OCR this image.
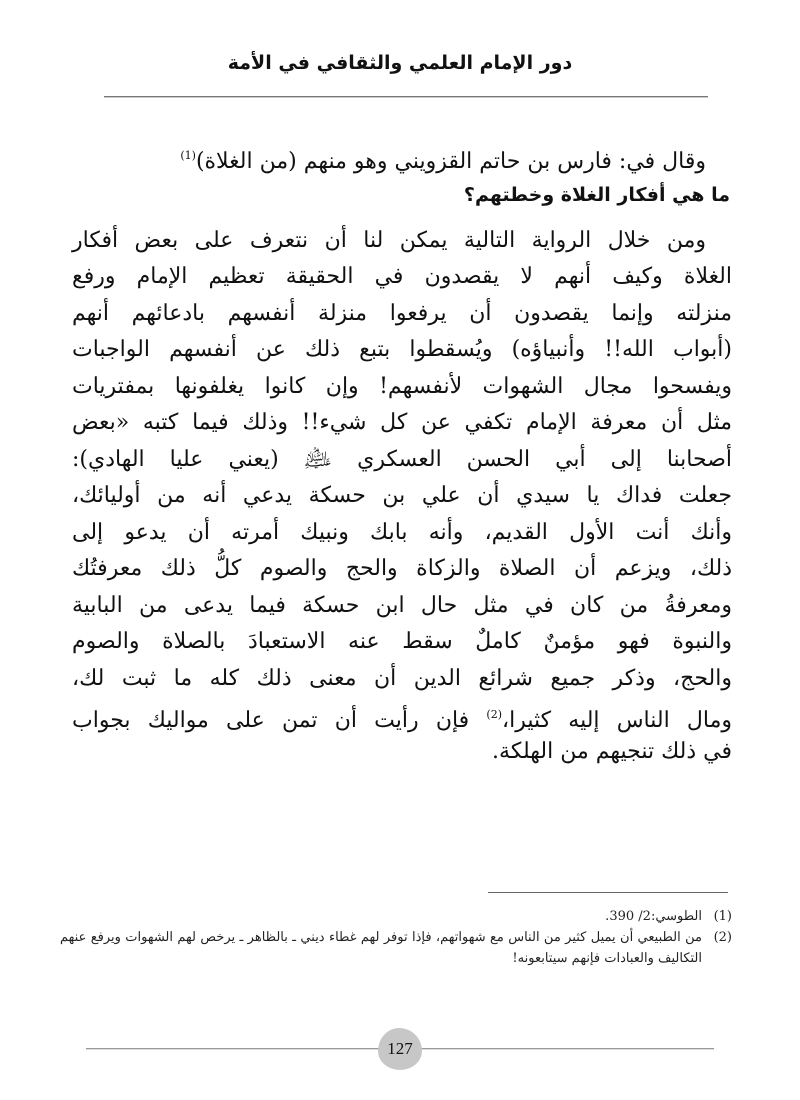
دور الإمام العلمي والثقافي في الأمة
وقال في: فارس بن حاتم القزويني وهو منهم (من الغلاة)$^{(1)}$
ما هي أفكار الغلاة وخطتهم؟
ومن خلال الرواية التالية يمكن لنا أن نتعرف على بعض أفكار
الغلاة وكيف أنهم لا يقصدون في الحقيقة تعظيم الإمام ورفع
منزلته وإنما يقصدون أن يرفعوا منزلة أنفسهم بادعائهم أنهم
(أبواب الله!! وأنبياؤه) ويُسقطوا بتبع ذلك عن أنفسهم الواجبات
ويفسحوا مجال الشهوات لأنفسهم! وإن كانوا يغلفونها بمفتريات
مثل أن معرفة الإمام تكفي عن كل شيء!! وذلك فيما كتبه «بعض
أصحابنا إلى أبي الحسن العسكري ﵇ (يعني عليا الهادي):
جعلت فداك يا سيدي أن علي بن حسكة يدعي أنه من أوليائك،
وأنك أنت الأول القديم، وأنه بابك ونبيك أمرته أن يدعو إلى
ذلك، ويزعم أن الصلاة والزكاة والحج والصوم كلُّ ذلك معرفتُك
ومعرفةُ من كان في مثل حال ابن حسكة فيما يدعى من البابية
والنبوة فهو مؤمنٌ كاملٌ سقط عنه الاستعبادَ بالصلاة والصوم
والحج، وذكر جميع شرائع الدين أن معنى ذلك كله ما ثبت لك،
ومال الناس إليه كثيرا،$^{(2)}$ فإن رأيت أن تمن على مواليك بجواب
في ذلك تنجيهم من الهلكة.
(1)
الطوسي:2/ 390.
(2)
من الطبيعي أن يميل كثير من الناس مع شهواتهم، فإذا توفر لهم غطاء ديني ـ بالظاهر ـ يرخص لهم الشهوات ويرفع عنهم التكاليف والعبادات فإنهم سيتابعونه!
127
